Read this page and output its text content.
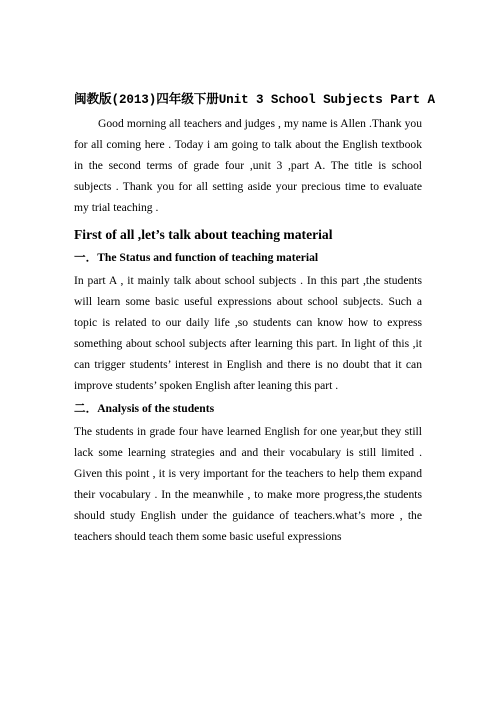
闽教版(2013)四年级下册Unit 3 School Subjects Part A

Good morning all teachers and judges , my name is Allen .Thank you for all coming here . Today i am going to talk about the English textbook in the second terms of grade four ,unit 3 ,part A. The title is school subjects . Thank you for all setting aside your precious time to evaluate my trial teaching .

First of all ,let’s talk about teaching material
一．The Status and function of teaching material

In part A , it mainly talk about school subjects . In this part ,the students will learn some basic useful expressions about school subjects. Such a topic is related to our daily life ,so students can know how to express something about school subjects after learning this part. In light of this ,it can trigger students’ interest in English and there is no doubt that it can improve students’ spoken English after leaning this part .

二．Analysis of the students

The students in grade four have learned English for one year,but they still lack some learning strategies and and their vocabulary is still limited . Given this point , it is very important for the teachers to help them expand their vocabulary . In the meanwhile , to make more progress,the students should study English under the guidance of teachers.what’s more , the teachers should teach them some basic useful expressions
